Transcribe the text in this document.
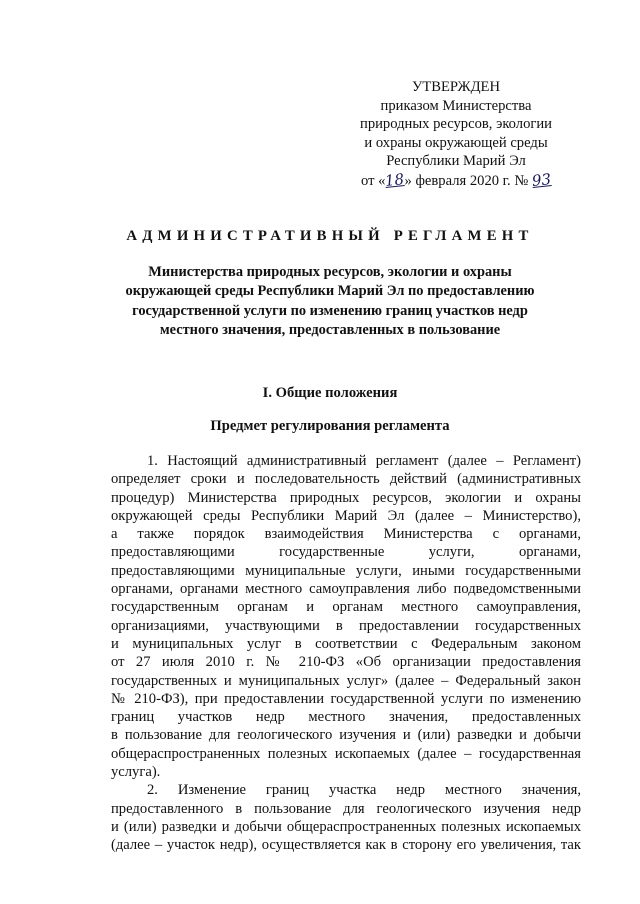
УТВЕРЖДЕН
приказом Министерства
природных ресурсов, экологии
и охраны окружающей среды
Республики Марий Эл
от «18» февраля 2020 г. № 93
АДМИНИСТРАТИВНЫЙ РЕГЛАМЕНТ
Министерства природных ресурсов, экологии и охраны
окружающей среды Республики Марий Эл по предоставлению
государственной услуги по изменению границ участков недр
местного значения, предоставленных в пользование
I. Общие положения
Предмет регулирования регламента
1. Настоящий административный регламент (далее – Регламент)
определяет сроки и последовательность действий (административных
процедур) Министерства природных ресурсов, экологии и охраны
окружающей среды Республики Марий Эл (далее – Министерство),
а также порядок взаимодействия Министерства с органами,
предоставляющими государственные услуги, органами,
предоставляющими муниципальные услуги, иными государственными
органами, органами местного самоуправления либо подведомственными
государственным органам и органам местного самоуправления,
организациями, участвующими в предоставлении государственных
и муниципальных услуг в соответствии с Федеральным законом
от 27 июля 2010 г. № 210-ФЗ «Об организации предоставления
государственных и муниципальных услуг» (далее – Федеральный закон
№ 210-ФЗ), при предоставлении государственной услуги по изменению
границ участков недр местного значения, предоставленных
в пользование для геологического изучения и (или) разведки и добычи
общераспространенных полезных ископаемых (далее – государственная
услуга).
2. Изменение границ участка недр местного значения,
предоставленного в пользование для геологического изучения недр
и (или) разведки и добычи общераспространенных полезных ископаемых
(далее – участок недр), осуществляется как в сторону его увеличения, так
